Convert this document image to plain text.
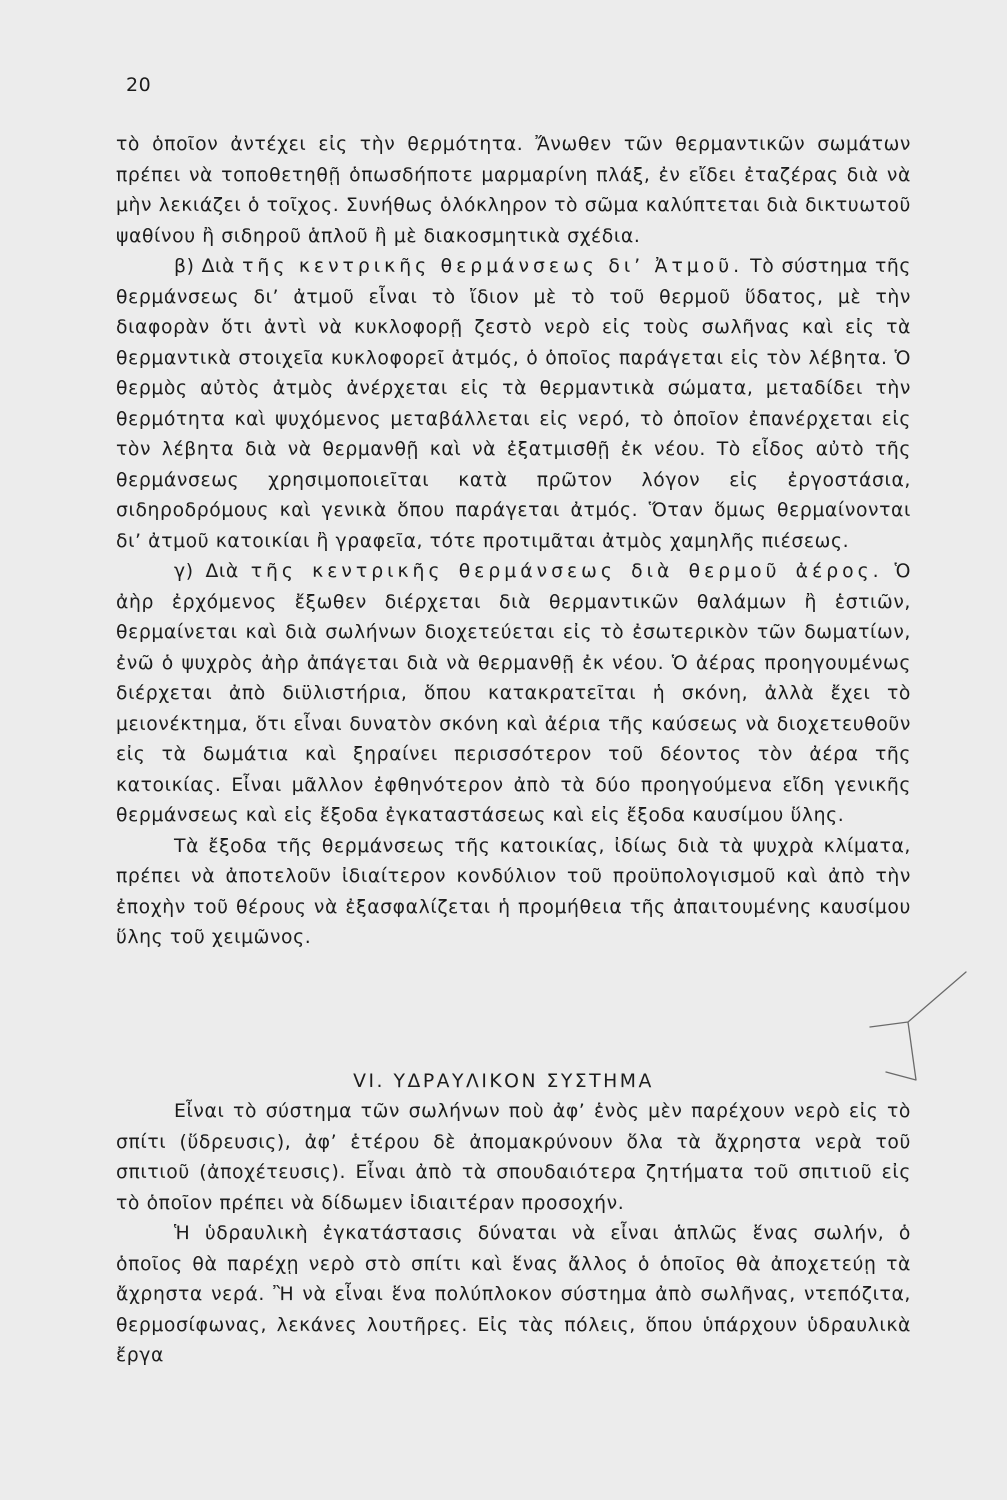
20

τὸ ὁποῖον ἀντέχει εἰς τὴν θερμότητα. Ἄνωθεν τῶν θερμαντικῶν σωμάτων πρέπει νὰ τοποθετηθῇ ὁπωσδήποτε μαρμαρίνη πλάξ, ἐν εἴδει ἐταζέρας διὰ νὰ μὴν λεκιάζει ὁ τοῖχος. Συνήθως ὁλόκληρον τὸ σῶμα καλύπτεται διὰ δικτυωτοῦ ψαθίνου ἢ σιδηροῦ ἁπλοῦ ἢ μὲ διακοσμητικὰ σχέδια.

β) Διὰ τῆς κεντρικῆς θερμάνσεως δι’ Ἀτμοῦ. Τὸ σύστημα τῆς θερμάνσεως δι’ ἀτμοῦ εἶναι τὸ ἴδιον μὲ τὸ τοῦ θερμοῦ ὕδατος, μὲ τὴν διαφορὰν ὅτι ἀντὶ νὰ κυκλοφορῇ ζεστὸ νερὸ εἰς τοὺς σωλῆνας καὶ εἰς τὰ θερμαντικὰ στοιχεῖα κυκλοφορεῖ ἀτμός, ὁ ὁποῖος παράγεται εἰς τὸν λέβητα. Ὁ θερμὸς αὐτὸς ἀτμὸς ἀνέρχεται εἰς τὰ θερμαντικὰ σώματα, μεταδίδει τὴν θερμότητα καὶ ψυχόμενος μεταβάλλεται εἰς νερό, τὸ ὁποῖον ἐπανέρχεται εἰς τὸν λέβητα διὰ νὰ θερμανθῇ καὶ νὰ ἐξατμισθῇ ἐκ νέου. Τὸ εἶδος αὐτὸ τῆς θερμάνσεως χρησιμοποιεῖται κατὰ πρῶτον λόγον εἰς ἐργοστάσια, σιδηροδρόμους καὶ γενικὰ ὅπου παράγεται ἀτμός. Ὅταν ὅμως θερμαίνονται δι’ ἀτμοῦ κατοικίαι ἢ γραφεῖα, τότε προτιμᾶται ἀτμὸς χαμηλῆς πιέσεως.

γ) Διὰ τῆς κεντρικῆς θερμάνσεως διὰ θερμοῦ ἀέρος. Ὁ ἀὴρ ἐρχόμενος ἔξωθεν διέρχεται διὰ θερμαντικῶν θαλάμων ἢ ἑστιῶν, θερμαίνεται καὶ διὰ σωλήνων διοχετεύεται εἰς τὸ ἐσωτερικὸν τῶν δωματίων, ἐνῶ ὁ ψυχρὸς ἀὴρ ἀπάγεται διὰ νὰ θερμανθῇ ἐκ νέου. Ὁ ἀέρας προηγουμένως διέρχεται ἀπὸ διϋλιστήρια, ὅπου κατακρατεῖται ἡ σκόνη, ἀλλὰ ἔχει τὸ μειονέκτημα, ὅτι εἶναι δυνατὸν σκόνη καὶ ἀέρια τῆς καύσεως νὰ διοχετευθοῦν εἰς τὰ δωμάτια καὶ ξηραίνει περισσότερον τοῦ δέοντος τὸν ἀέρα τῆς κατοικίας. Εἶναι μᾶλλον ἐφθηνότερον ἀπὸ τὰ δύο προηγούμενα εἴδη γενικῆς θερμάνσεως καὶ εἰς ἔξοδα ἐγκαταστάσεως καὶ εἰς ἔξοδα καυσίμου ὕλης.

Τὰ ἔξοδα τῆς θερμάνσεως τῆς κατοικίας, ἰδίως διὰ τὰ ψυχρὰ κλίματα, πρέπει νὰ ἀποτελοῦν ἰδιαίτερον κονδύλιον τοῦ προϋπολογισμοῦ καὶ ἀπὸ τὴν ἐποχὴν τοῦ θέρους νὰ ἐξασφαλίζεται ἡ προμήθεια τῆς ἀπαιτουμένης καυσίμου ὕλης τοῦ χειμῶνος.

VI. ΥΔΡΑΥΛΙΚΟΝ ΣΥΣΤΗΜΑ

Εἶναι τὸ σύστημα τῶν σωλήνων ποὺ ἀφ’ ἑνὸς μὲν παρέχουν νερὸ εἰς τὸ σπίτι (ὕδρευσις), ἀφ’ ἑτέρου δὲ ἀπομακρύνουν ὅλα τὰ ἄχρηστα νερὰ τοῦ σπιτιοῦ (ἀποχέτευσις). Εἶναι ἀπὸ τὰ σπουδαιότερα ζητήματα τοῦ σπιτιοῦ εἰς τὸ ὁποῖον πρέπει νὰ δίδωμεν ἰδιαιτέραν προσοχήν.

Ἡ ὑδραυλικὴ ἐγκατάστασις δύναται νὰ εἶναι ἁπλῶς ἕνας σωλήν, ὁ ὁποῖος θὰ παρέχῃ νερὸ στὸ σπίτι καὶ ἕνας ἄλλος ὁ ὁποῖος θὰ ἀποχετεύῃ τὰ ἄχρηστα νερά. Ἢ νὰ εἶναι ἕνα πολύπλοκον σύστημα ἀπὸ σωλῆνας, ντεπόζιτα, θερμοσίφωνας, λεκάνες λουτῆρες. Εἰς τὰς πόλεις, ὅπου ὑπάρχουν ὑδραυλικὰ ἔργα
